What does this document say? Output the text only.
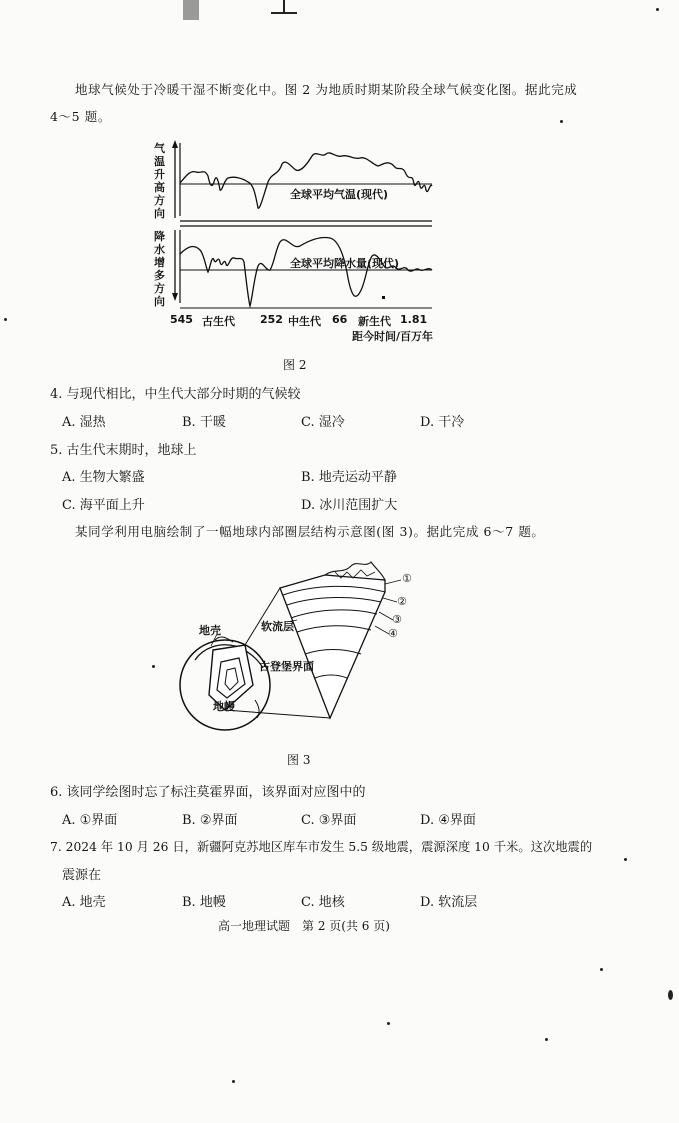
地球气候处于冷暖干湿不断变化中。图 2 为地质时期某阶段全球气候变化图。据此完成
4～5 题。
气
温
升
高
方
向
降
水
增
多
方
向
全球平均气温(现代)
全球平均降水量(现代)
545 古生代 252 中生代 66 新生代 1.81
距今时间/百万年
图 2
4. 与现代相比，中生代大部分时期的气候较
A. 湿热	B. 干暖	C. 湿冷	D. 干冷
5. 古生代末期时，地球上
A. 生物大繁盛	B. 地壳运动平静
C. 海平面上升	D. 冰川范围扩大
某同学利用电脑绘制了一幅地球内部圈层结构示意图(图 3)。据此完成 6～7 题。
地壳	软流层
古登堡界面
地幔
①
②
③
④
图 3
6. 该同学绘图时忘了标注莫霍界面，该界面对应图中的
A. ①界面	B. ②界面	C. ③界面	D. ④界面
7. 2024 年 10 月 26 日，新疆阿克苏地区库车市发生 5.5 级地震，震源深度 10 千米。这次地震的
震源在
A. 地壳	B. 地幔	C. 地核	D. 软流层
高一地理试题　第 2 页(共 6 页)
